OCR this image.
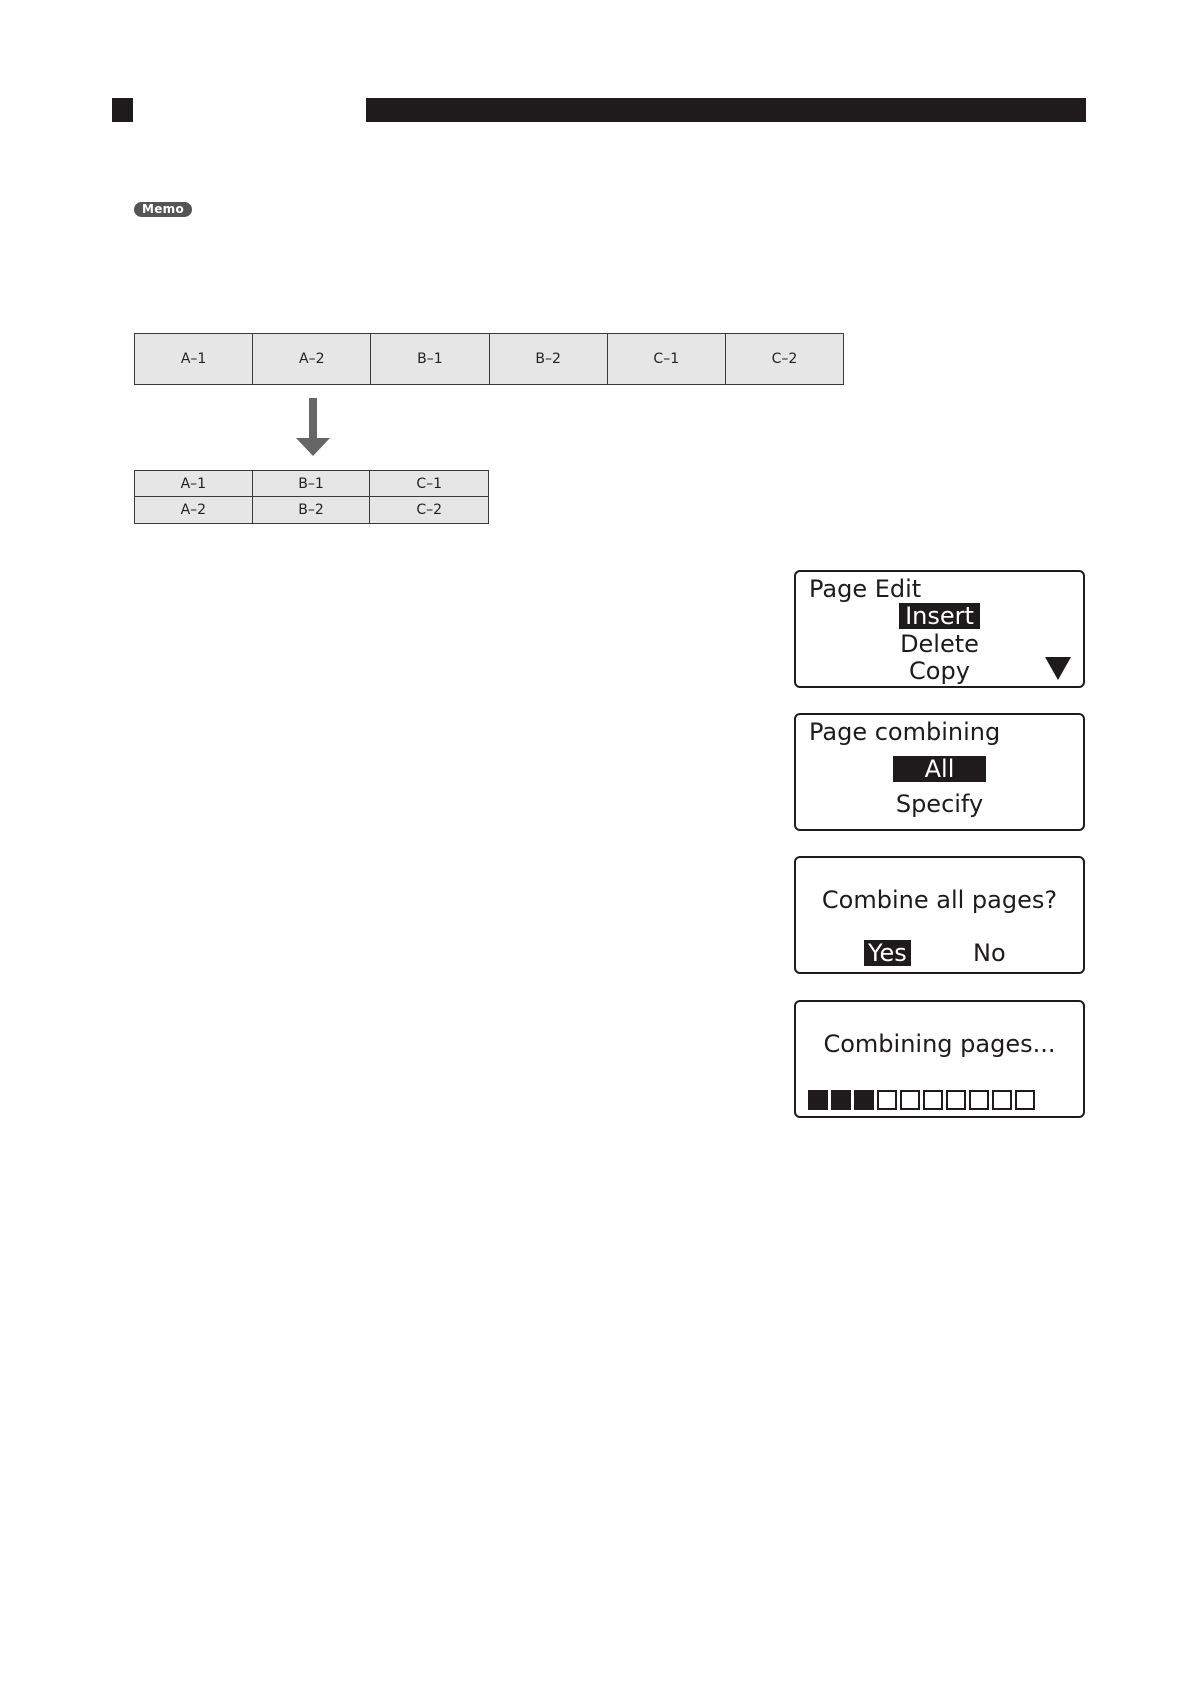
Memo
A–1	A–2	B–1	B–2	C–1	C–2
A–1	B–1	C–1
A–2	B–2	C–2
Page Edit
Insert
Delete
Copy
Page combining
All
Specify
Combine all pages?
Yes	No
Combining pages...
